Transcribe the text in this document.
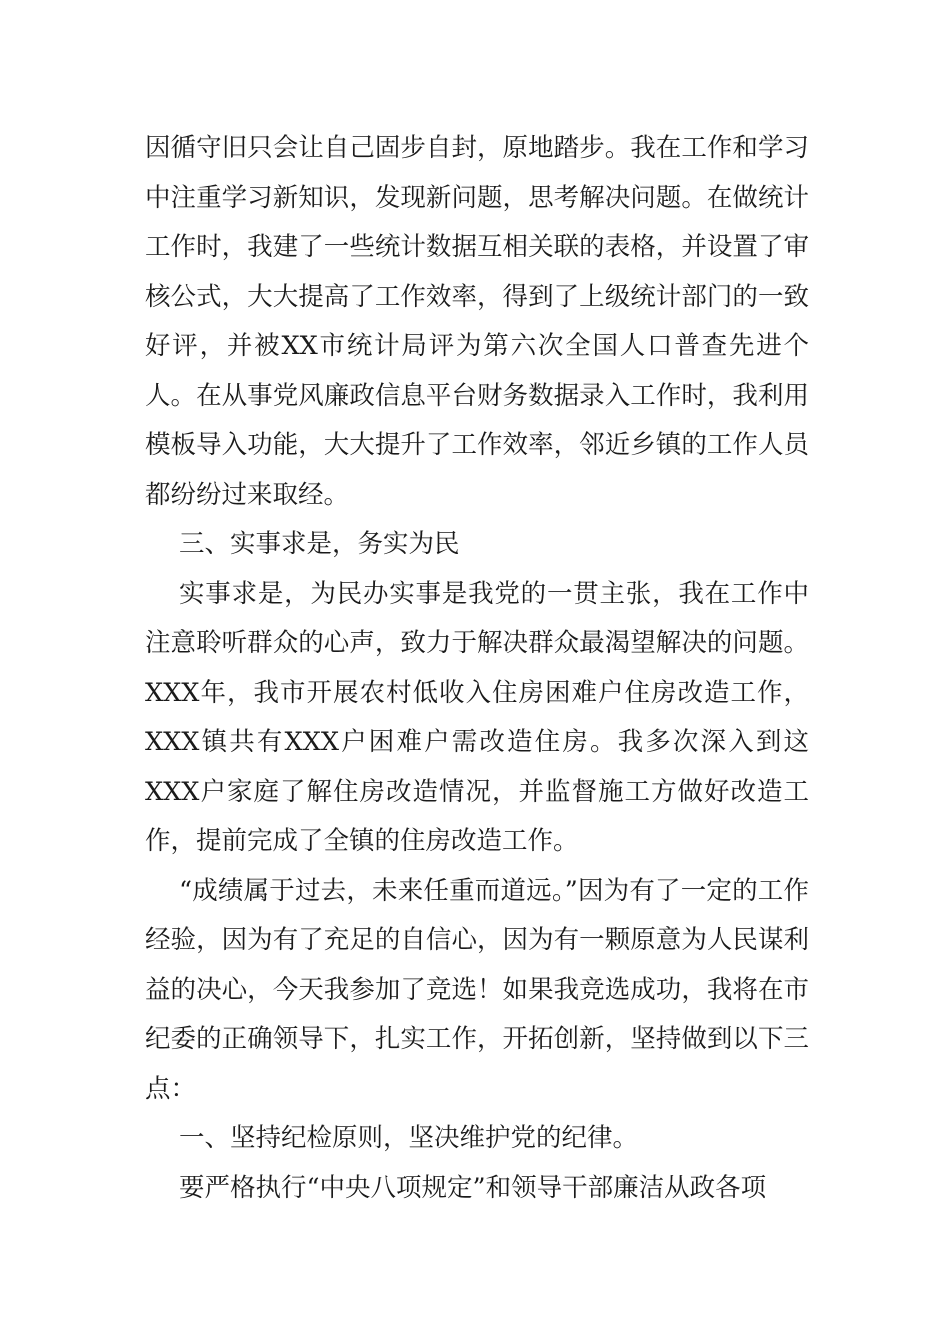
因循守旧只会让自己固步自封，原地踏步。我在工作和学习中注重学习新知识，发现新问题，思考解决问题。在做统计工作时，我建了一些统计数据互相关联的表格，并设置了审核公式，大大提高了工作效率，得到了上级统计部门的一致好评，并被XX市统计局评为第六次全国人口普查先进个人。在从事党风廉政信息平台财务数据录入工作时，我利用模板导入功能，大大提升了工作效率，邻近乡镇的工作人员都纷纷过来取经。

三、实事求是，务实为民

实事求是，为民办实事是我党的一贯主张，我在工作中注意聆听群众的心声，致力于解决群众最渴望解决的问题。XXX年，我市开展农村低收入住房困难户住房改造工作，XXX镇共有XXX户困难户需改造住房。我多次深入到这XXX户家庭了解住房改造情况，并监督施工方做好改造工作，提前完成了全镇的住房改造工作。

“成绩属于过去，未来任重而道远。”因为有了一定的工作经验，因为有了充足的自信心，因为有一颗原意为人民谋利益的决心，今天我参加了竞选！如果我竞选成功，我将在市纪委的正确领导下，扎实工作，开拓创新，坚持做到以下三点：

一、坚持纪检原则，坚决维护党的纪律。

要严格执行“中央八项规定”和领导干部廉洁从政各项
